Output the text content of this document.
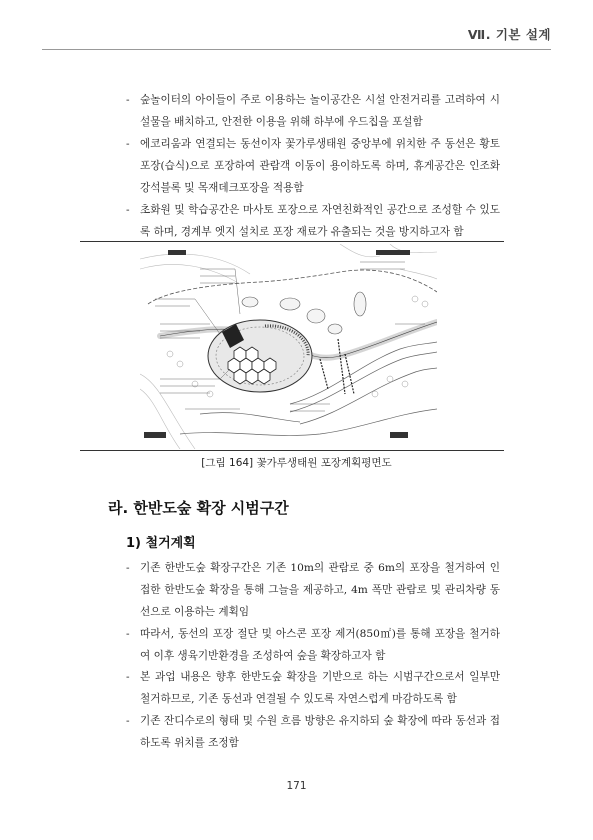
Ⅶ. 기본 설계
- 숲놀이터의 아이들이 주로 이용하는 놀이공간은 시설 안전거리를 고려하여 시설물을 배치하고, 안전한 이용을 위해 하부에 우드칩을 포설함
- 에코리움과 연결되는 동선이자 꽃가루생태원 중앙부에 위치한 주 동선은 황토포장(습식)으로 포장하여 관람객 이동이 용이하도록 하며, 휴게공간은 인조화강석블록 및 목재데크포장을 적용함
- 초화원 및 학습공간은 마사토 포장으로 자연친화적인 공간으로 조성할 수 있도록 하며, 경계부 엣지 설치로 포장 재료가 유출되는 것을 방지하고자 함
[그림 164] 꽃가루생태원 포장계획평면도
라. 한반도숲 확장 시범구간
1) 철거계획
- 기존 한반도숲 확장구간은 기존 10m의 관람로 중 6m의 포장을 철거하여 인접한 한반도숲 확장을 통해 그늘을 제공하고, 4m 폭만 관람로 및 관리차량 동선으로 이용하는 계획임
- 따라서, 동선의 포장 절단 및 아스콘 포장 제거(850㎡)를 통해 포장을 철거하여 이후 생육기반환경을 조성하여 숲을 확장하고자 함
- 본 과업 내용은 향후 한반도숲 확장을 기반으로 하는 시범구간으로서 일부만 철거하므로, 기존 동선과 연결될 수 있도록 자연스럽게 마감하도록 함
- 기존 잔디수로의 형태 및 수원 흐름 방향은 유지하되 숲 확장에 따라 동선과 접하도록 위치를 조정함
171
